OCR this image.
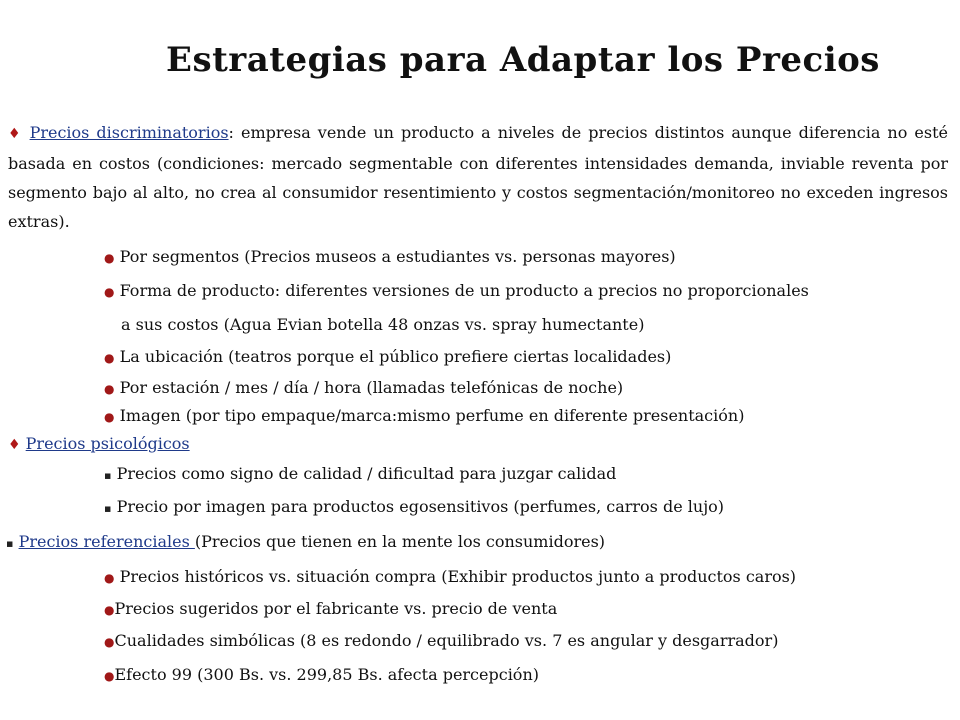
Estrategias para Adaptar los Precios
♦ Precios discriminatorios: empresa vende un producto a niveles de precios distintos aunque diferencia no esté basada en costos (condiciones: mercado segmentable con diferentes intensidades demanda, inviable reventa por segmento bajo al alto, no crea al consumidor resentimiento y costos segmentación/monitoreo no exceden ingresos extras).
● Por segmentos (Precios museos a estudiantes vs. personas mayores)
● Forma de producto: diferentes versiones de un producto a precios no proporcionales
a sus costos (Agua Evian botella 48 onzas vs. spray humectante)
● La ubicación (teatros porque el público prefiere ciertas localidades)
● Por estación / mes / día / hora (llamadas telefónicas de noche)
● Imagen (por tipo empaque/marca:mismo perfume en diferente presentación)
♦ Precios psicológicos
▪ Precios como signo de calidad / dificultad para juzgar calidad
▪ Precio por imagen para productos egosensitivos (perfumes, carros de lujo)
▪ Precios referenciales (Precios que tienen en la mente los consumidores)
● Precios históricos vs. situación compra (Exhibir productos junto a productos caros)
●Precios sugeridos por el fabricante vs. precio de venta
●Cualidades simbólicas (8 es redondo / equilibrado vs. 7 es angular y desgarrador)
●Efecto 99 (300 Bs. vs. 299,85 Bs. afecta percepción)
